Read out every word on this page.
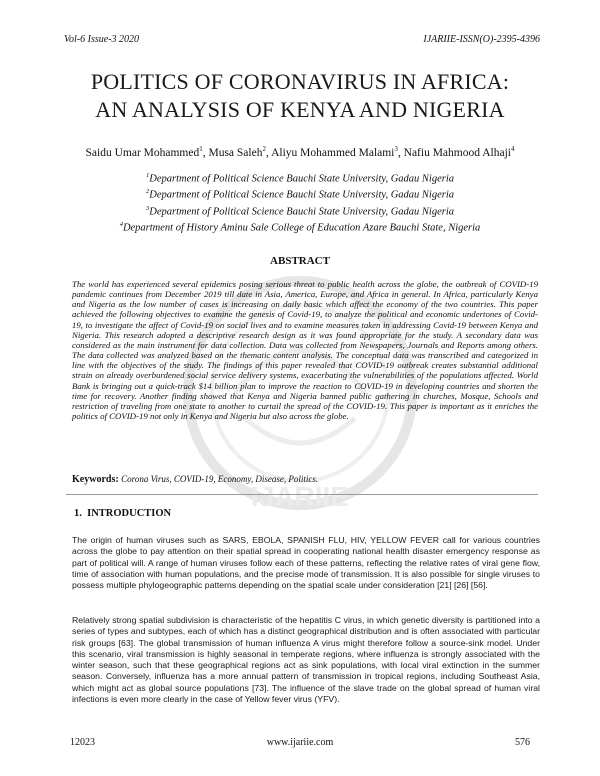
Vol-6 Issue-3 2020	IJARIIE-ISSN(O)-2395-4396
IJARIIE
POLITICS OF CORONAVIRUS IN AFRICA:
AN ANALYSIS OF KENYA AND NIGERIA
Saidu Umar Mohammed$^1$, Musa Saleh$^2$, Aliyu Mohammed Malami$^3$, Nafiu Mahmood Alhaji$^4$
$^1$Department of Political Science Bauchi State University, Gadau Nigeria
$^2$Department of Political Science Bauchi State University, Gadau Nigeria
$^3$Department of Political Science Bauchi State University, Gadau Nigeria
$^4$Department of History Aminu Sale College of Education Azare Bauchi State, Nigeria
ABSTRACT
The world has experienced several epidemics posing serious threat to public health across the globe, the outbreak of COVID-19 pandemic continues from December 2019 till date in Asia, America, Europe, and Africa in general. In Africa, particularly Kenya and Nigeria as the low number of cases is increasing on daily basic which affect the economy of the two countries. This paper achieved the following objectives to examine the genesis of Covid-19, to analyze the political and economic undertones of Covid-19, to investigate the affect of Covid-19 on social lives and to examine measures taken in addressing Covid-19 between Kenya and Nigeria. This research adopted a descriptive research design as it was found appropriate for the study. A secondary data was considered as the main instrument for data collection. Data was collected from Newspapers, Journals and Reports among others. The data collected was analyzed based on the thematic content analysis. The conceptual data was transcribed and categorized in line with the objectives of the study. The findings of this paper revealed that COVID-19 outbreak creates substantial additional strain on already overburdened social service delivery systems, exacerbating the vulnerabilities of the populations affected. World Bank is bringing out a quick-track $14 billion plan to improve the reaction to COVID-19 in developing countries and shorten the time for recovery. Another finding showed that Kenya and Nigeria banned public gathering in churches, Mosque, Schools and restriction of traveling from one state to another to curtail the spread of the COVID-19. This paper is important as it enriches the politics of COVID-19 not only in Kenya and Nigeria but also across the globe.
Keywords: Corona Virus, COVID-19, Economy, Disease, Politics.
1. INTRODUCTION
The origin of human viruses such as SARS, EBOLA, SPANISH FLU, HIV, YELLOW FEVER call for various countries across the globe to pay attention on their spatial spread in cooperating national health disaster emergency response as part of political will. A range of human viruses follow each of these patterns, reflecting the relative rates of viral gene flow, time of association with human populations, and the precise mode of transmission. It is also possible for single viruses to possess multiple phylogeographic patterns depending on the spatial scale under consideration [21] [26] [56].
Relatively strong spatial subdivision is characteristic of the hepatitis C virus, in which genetic diversity is partitioned into a series of types and subtypes, each of which has a distinct geographical distribution and is often associated with particular risk groups [63]. The global transmission of human influenza A virus might therefore follow a source-sink model. Under this scenario, viral transmission is highly seasonal in temperate regions, where influenza is strongly associated with the winter season, such that these geographical regions act as sink populations, with local viral extinction in the summer season. Conversely, influenza has a more annual pattern of transmission in tropical regions, including Southeast Asia, which might act as global source populations [73]. The influence of the slave trade on the global spread of human viral infections is even more clearly in the case of Yellow fever virus (YFV).
12023	www.ijariie.com	576
